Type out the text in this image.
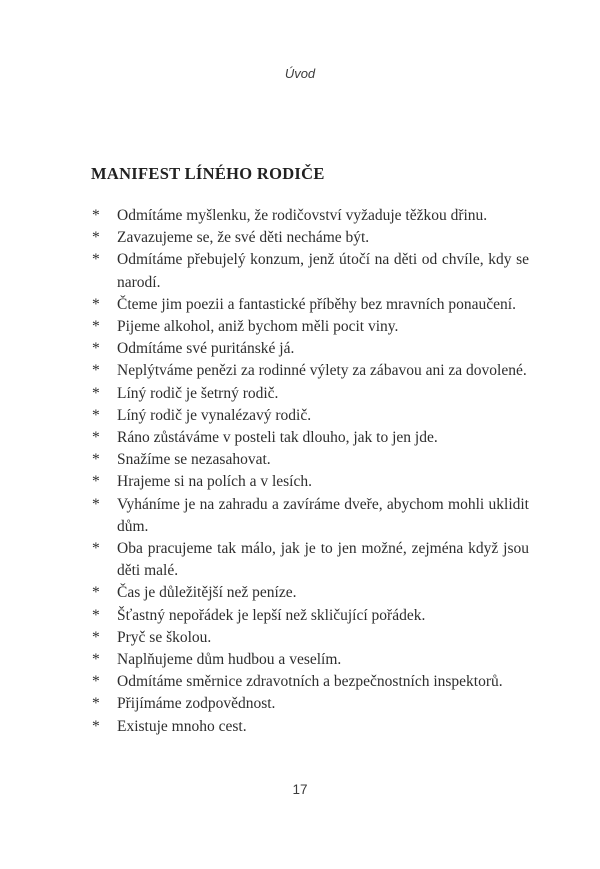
Úvod
MANIFEST LÍNÉHO RODIČE
*	Odmítáme myšlenku, že rodičovství vyžaduje těžkou dřinu.
*	Zavazujeme se, že své děti necháme být.
*	Odmítáme přebujelý konzum, jenž útočí na děti od chvíle, kdy se narodí.
*	Čteme jim poezii a fantastické příběhy bez mravních ponaučení.
*	Pijeme alkohol, aniž bychom měli pocit viny.
*	Odmítáme své puritánské já.
*	Neplýtváme penězi za rodinné výlety za zábavou ani za dovolené.
*	Líný rodič je šetrný rodič.
*	Líný rodič je vynalézavý rodič.
*	Ráno zůstáváme v posteli tak dlouho, jak to jen jde.
*	Snažíme se nezasahovat.
*	Hrajeme si na polích a v lesích.
*	Vyháníme je na zahradu a zavíráme dveře, abychom mohli uklidit dům.
*	Oba pracujeme tak málo, jak je to jen možné, zejména když jsou děti malé.
*	Čas je důležitější než peníze.
*	Šťastný nepořádek je lepší než skličující pořádek.
*	Pryč se školou.
*	Naplňujeme dům hudbou a veselím.
*	Odmítáme směrnice zdravotních a bezpečnostních inspektorů.
*	Přijímáme zodpovědnost.
*	Existuje mnoho cest.
17
